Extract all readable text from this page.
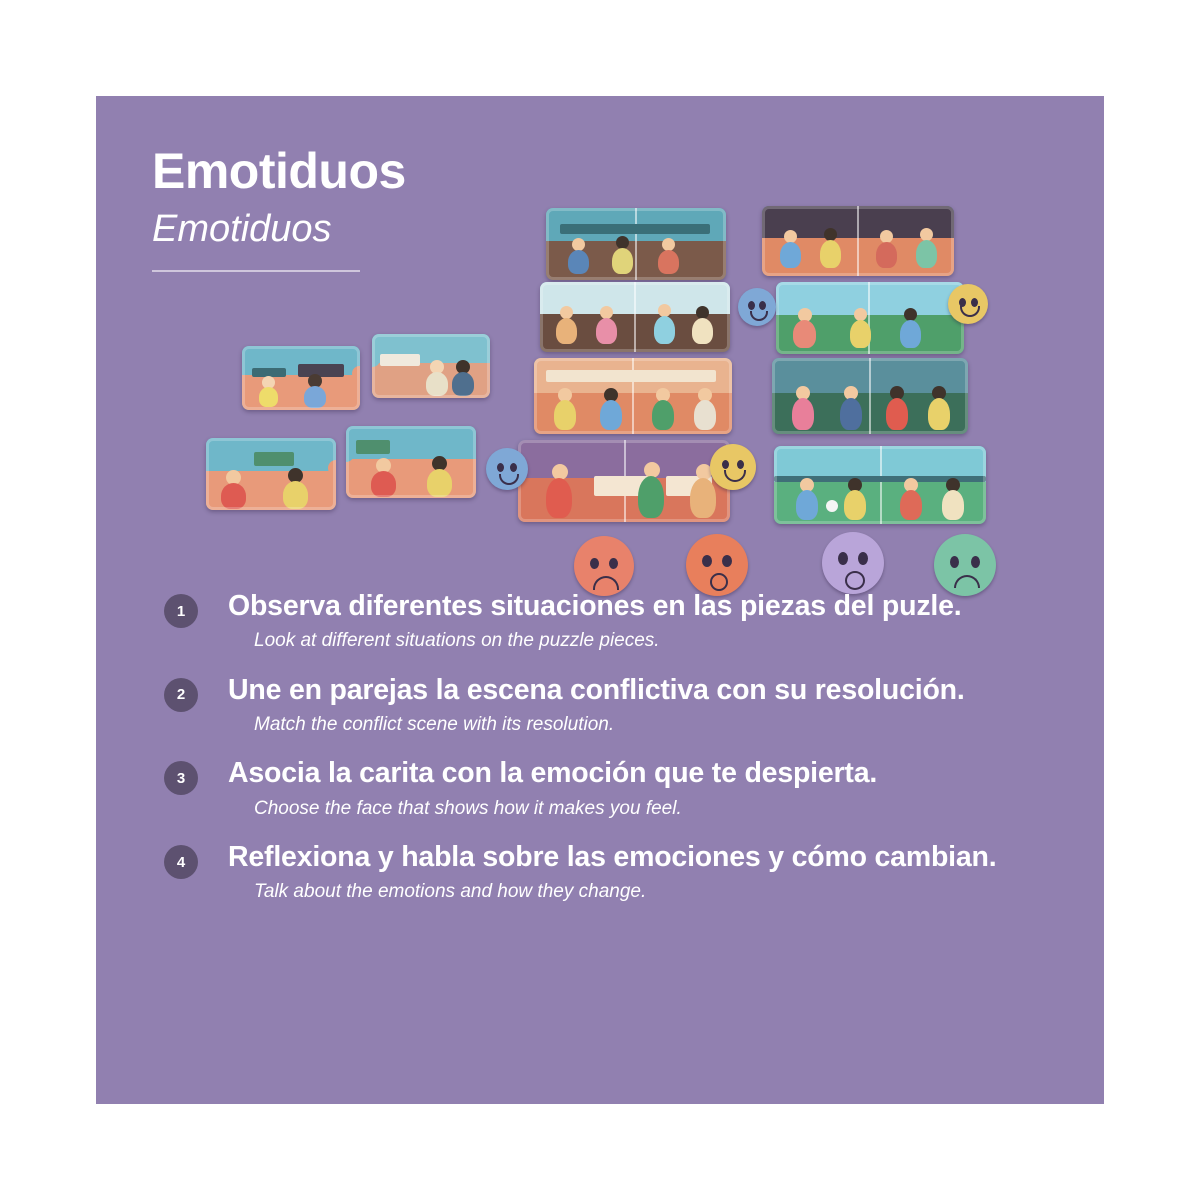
Emotiduos
Emotiduos
1	Observa diferentes situaciones en las piezas del puzle.

Look at different situations on the puzzle pieces.

2	Une en parejas la escena conflictiva con su resolución.

Match the conflict scene with its resolution.

3	Asocia la carita con la emoción que te despierta.

Choose the face that shows how it makes you feel.

4	Reflexiona y habla sobre las emociones y cómo cambian.

Talk about the emotions and how they change.
